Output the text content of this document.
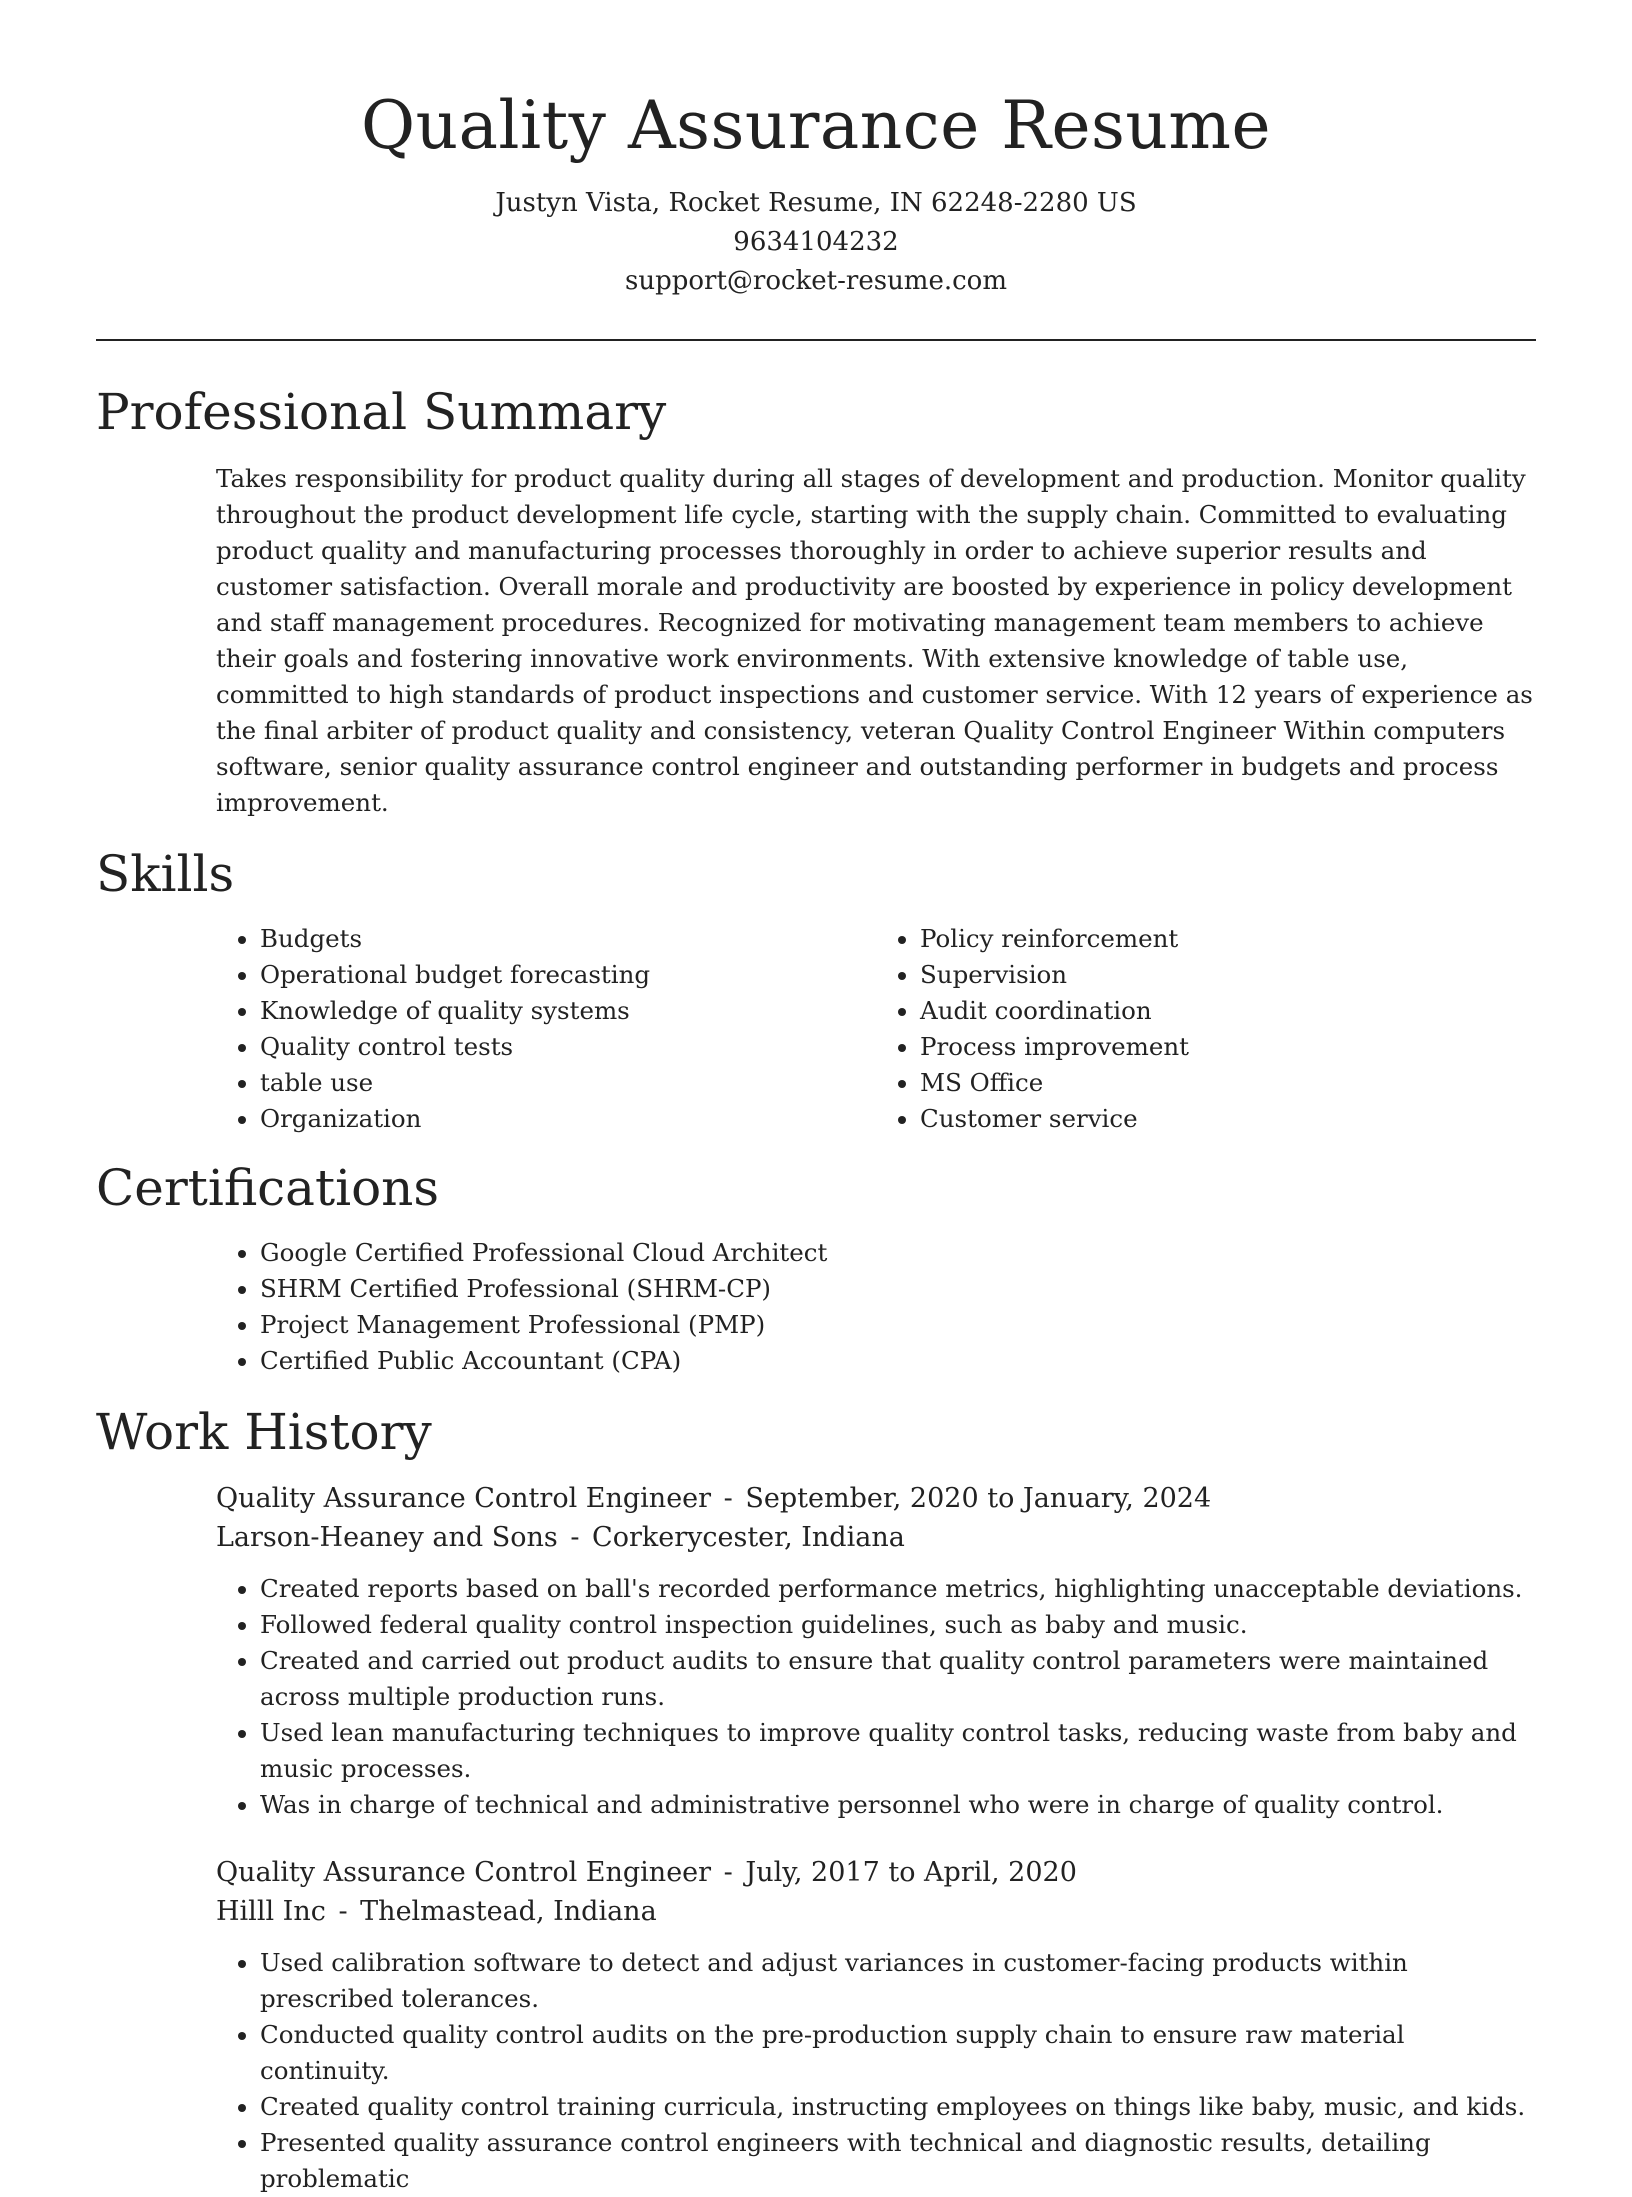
Quality Assurance Resume

Justyn Vista, Rocket Resume, IN 62248-2280 US

9634104232

support@rocket-resume.com

Professional Summary

Takes responsibility for product quality during all stages of development and production. Monitor quality throughout the product development life cycle, starting with the supply chain. Committed to evaluating product quality and manufacturing processes thoroughly in order to achieve superior results and customer satisfaction. Overall morale and productivity are boosted by experience in policy development and staff management procedures. Recognized for motivating management team members to achieve their goals and fostering innovative work environments. With extensive knowledge of table use, committed to high standards of product inspections and customer service. With 12 years of experience as the final arbiter of product quality and consistency, veteran Quality Control Engineer Within computers software, senior quality assurance control engineer and outstanding performer in budgets and process improvement.

Skills
• Budgets
• Operational budget forecasting
• Knowledge of quality systems
• Quality control tests
• table use
• Organization
• Policy reinforcement
• Supervision
• Audit coordination
• Process improvement
• MS Office
• Customer service
Certifications
• Google Certified Professional Cloud Architect
• SHRM Certified Professional (SHRM-CP)
• Project Management Professional (PMP)
• Certified Public Accountant (CPA)
Work History

Quality Assurance Control Engineer - September, 2020 to January, 2024

Larson-Heaney and Sons - Corkerycester, Indiana

• Created reports based on ball's recorded performance metrics, highlighting unacceptable deviations.
• Followed federal quality control inspection guidelines, such as baby and music.
• Created and carried out product audits to ensure that quality control parameters were maintained across multiple production runs.
• Used lean manufacturing techniques to improve quality control tasks, reducing waste from baby and music processes.
• Was in charge of technical and administrative personnel who were in charge of quality control.

Quality Assurance Control Engineer - July, 2017 to April, 2020

Hilll Inc - Thelmastead, Indiana

• Used calibration software to detect and adjust variances in customer-facing products within prescribed tolerances.
• Conducted quality control audits on the pre-production supply chain to ensure raw material continuity.
• Created quality control training curricula, instructing employees on things like baby, music, and kids.
• Presented quality assurance control engineers with technical and diagnostic results, detailing problematic
